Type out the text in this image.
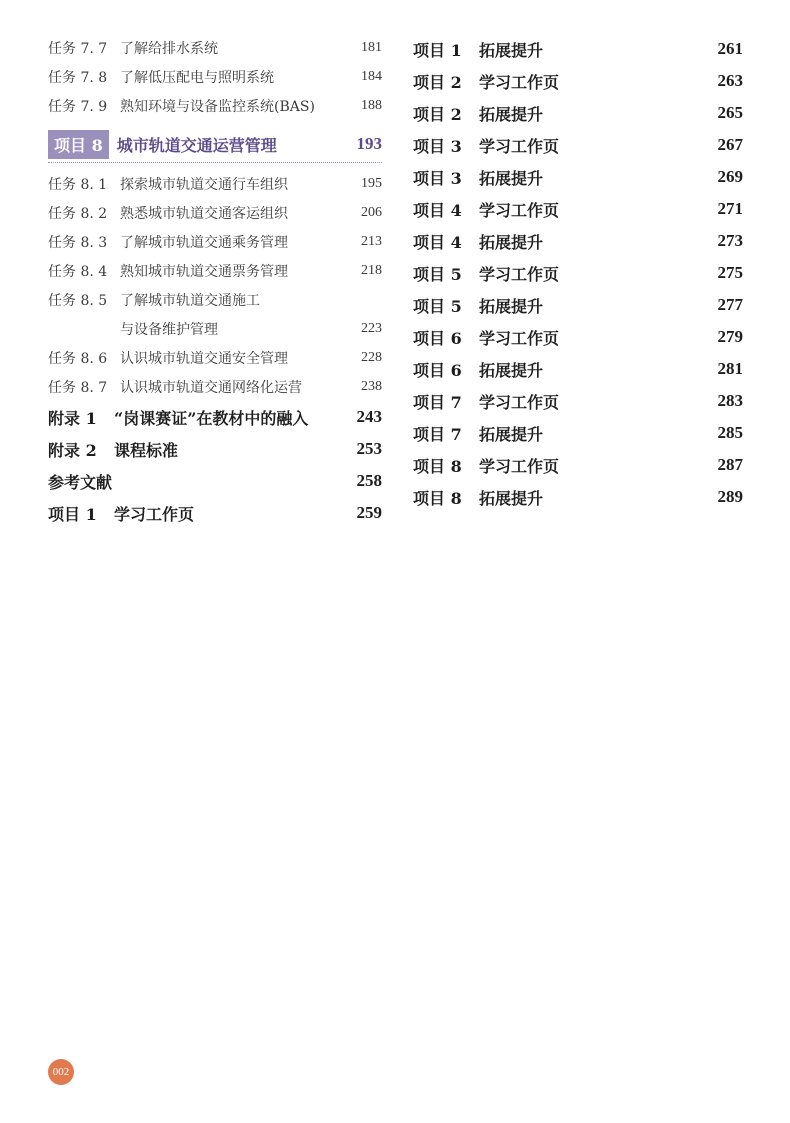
任务 7. 7 了解给排水系统	181
任务 7. 8 了解低压配电与照明系统	184
任务 7. 9 熟知环境与设备监控系统(BAS)	188
项目 8 城市轨道交通运营管理	193
任务 8. 1 探索城市轨道交通行车组织	195
任务 8. 2 熟悉城市轨道交通客运组织	206
任务 8. 3 了解城市轨道交通乘务管理	213
任务 8. 4 熟知城市轨道交通票务管理	218
任务 8. 5 了解城市轨道交通施工
与设备维护管理	223
任务 8. 6 认识城市轨道交通安全管理	228
任务 8. 7 认识城市轨道交通网络化运营	238
附录 1	“岗课赛证”在教材中的融入	243
附录 2	课程标准	253
参考文献	258
项目 1	学习工作页	259
项目 1	拓展提升	261
项目 2	学习工作页	263
项目 2	拓展提升	265
项目 3	学习工作页	267
项目 3	拓展提升	269
项目 4	学习工作页	271
项目 4	拓展提升	273
项目 5	学习工作页	275
项目 5	拓展提升	277
项目 6	学习工作页	279
项目 6	拓展提升	281
项目 7	学习工作页	283
项目 7	拓展提升	285
项目 8	学习工作页	287
项目 8	拓展提升	289
002
